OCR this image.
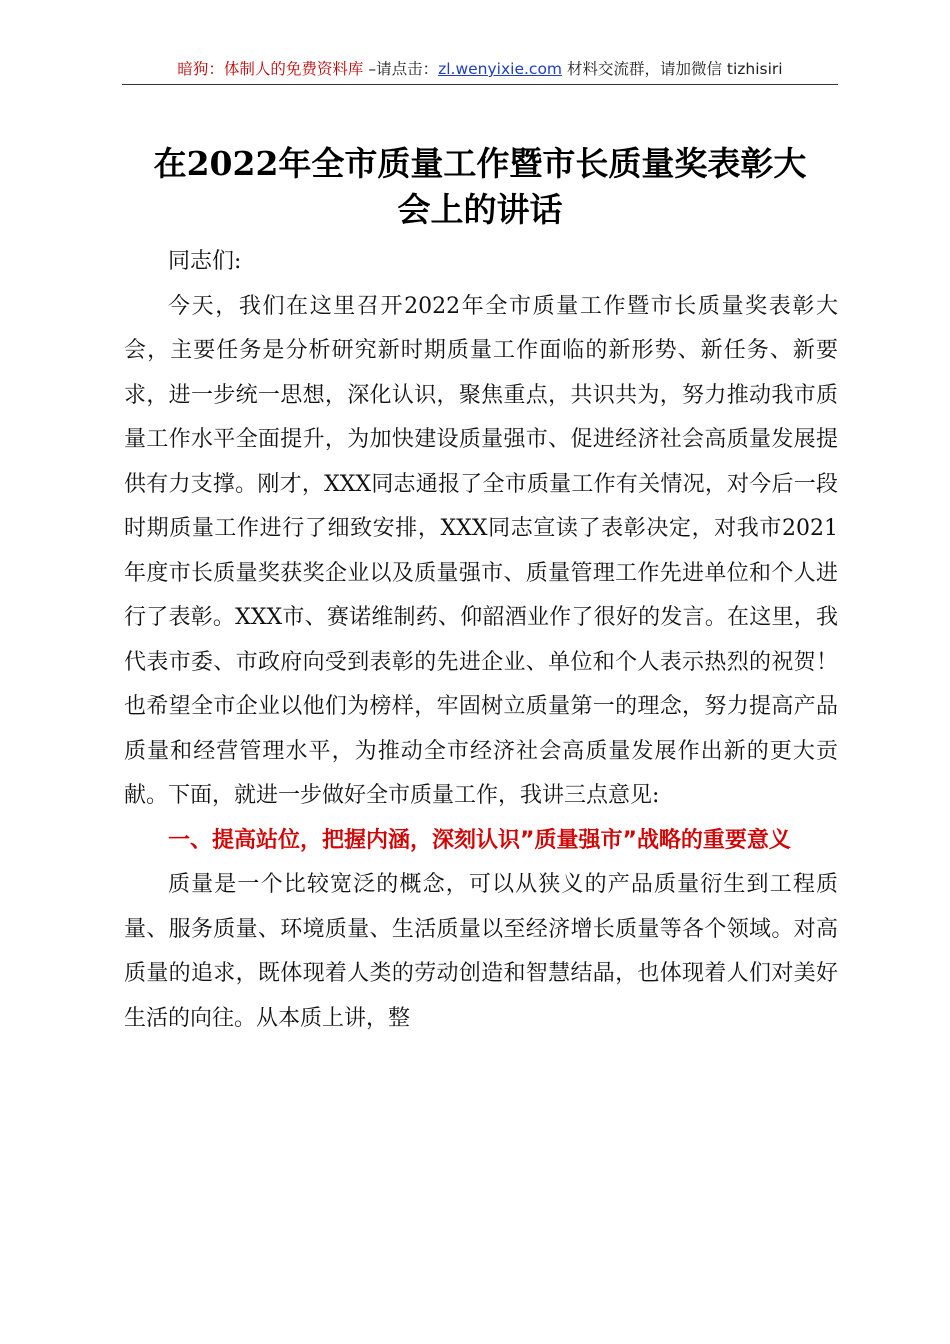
暗狗：体制人的免费资料库 –请点击：zl.wenyixie.com 材料交流群，请加微信 tizhisiri
在2022年全市质量工作暨市长质量奖表彰大
会上的讲话

同志们:

今天，我们在这里召开2022年全市质量工作暨市长质量奖表彰大会，主要任务是分析研究新时期质量工作面临的新形势、新任务、新要求，进一步统一思想，深化认识，聚焦重点，共识共为，努力推动我市质量工作水平全面提升，为加快建设质量强市、促进经济社会高质量发展提供有力支撑。刚才，XXX同志通报了全市质量工作有关情况，对今后一段时期质量工作进行了细致安排，XXX同志宣读了表彰决定，对我市2021年度市长质量奖获奖企业以及质量强市、质量管理工作先进单位和个人进行了表彰。XXX市、赛诺维制药、仰韶酒业作了很好的发言。在这里，我代表市委、市政府向受到表彰的先进企业、单位和个人表示热烈的祝贺！也希望全市企业以他们为榜样，牢固树立质量第一的理念，努力提高产品质量和经营管理水平，为推动全市经济社会高质量发展作出新的更大贡献。下面，就进一步做好全市质量工作，我讲三点意见:

一、提高站位，把握内涵，深刻认识”质量强市”战略的重要意义

质量是一个比较宽泛的概念，可以从狭义的产品质量衍生到工程质量、服务质量、环境质量、生活质量以至经济增长质量等各个领域。对高质量的追求，既体现着人类的劳动创造和智慧结晶，也体现着人们对美好生活的向往。从本质上讲，整
